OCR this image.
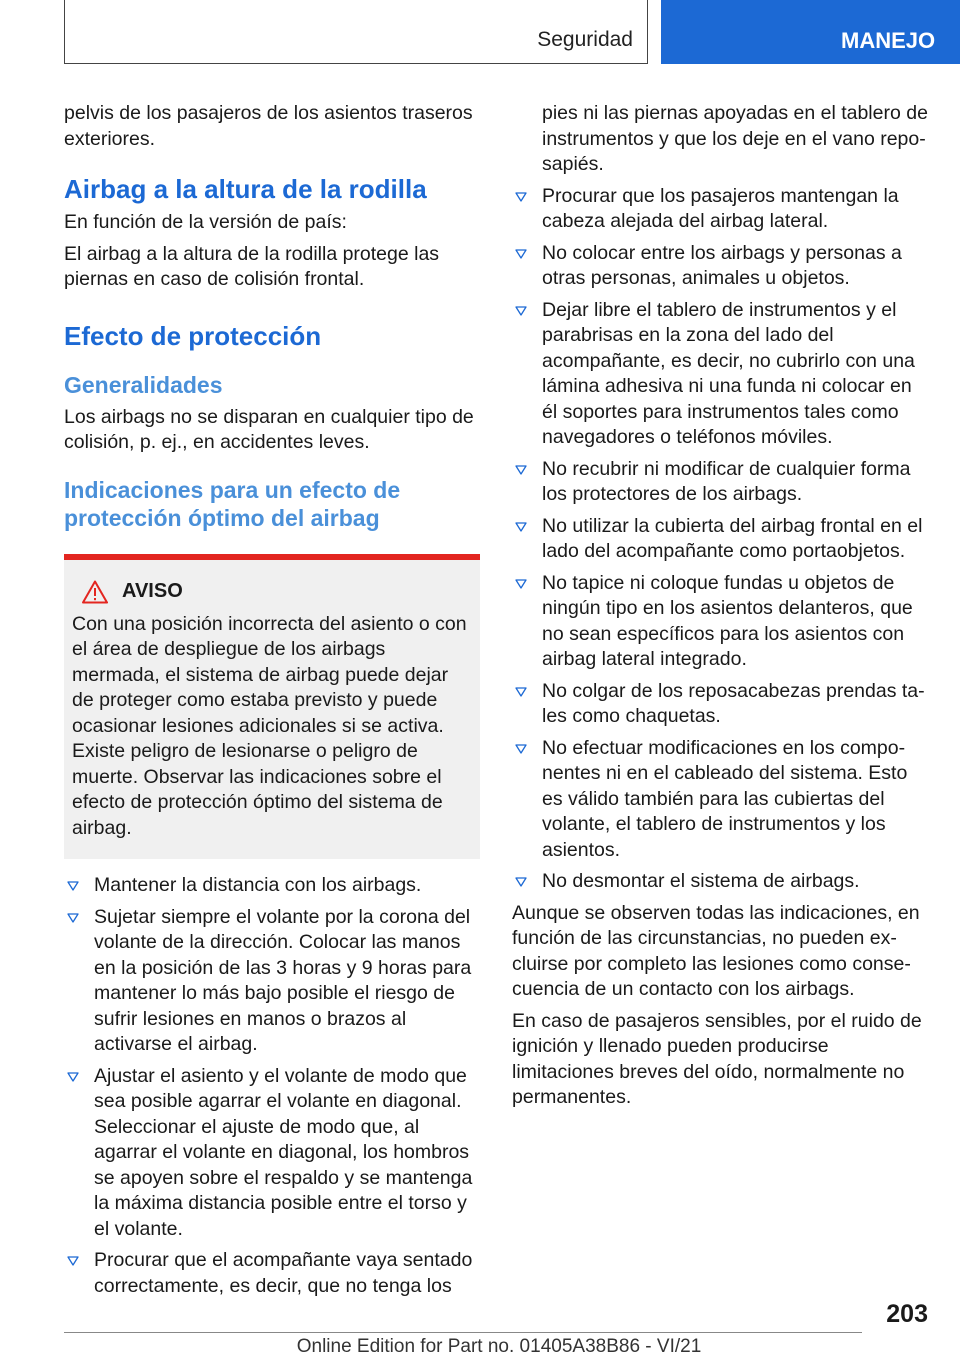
Seguridad	MANEJO

pelvis de los pasajeros de los asientos traseros exteriores.

Airbag a la altura de la rodilla

En función de la versión de país:

El airbag a la altura de la rodilla protege las piernas en caso de colisión frontal.

Efecto de protección
Generalidades

Los airbags no se disparan en cualquier tipo de colisión, p. ej., en accidentes leves.

Indicaciones para un efecto de protección óptimo del airbag
AVISO

Con una posición incorrecta del asiento o con el área de despliegue de los airbags mermada, el sistema de airbag puede dejar de proteger como estaba previsto y puede ocasionar lesiones adicionales si se activa. Existe peligro de lesionarse o peligro de muerte. Observar las indicaciones sobre el efecto de protección óptimo del sistema de airbag.

Mantener la distancia con los airbags.
Sujetar siempre el volante por la corona del volante de la dirección. Colocar las manos en la posición de las 3 horas y 9 horas para mantener lo más bajo posible el riesgo de sufrir lesiones en manos o brazos al activarse el airbag.
Ajustar el asiento y el volante de modo que sea posible agarrar el volante en diagonal. Seleccionar el ajuste de modo que, al agarrar el volante en diagonal, los hombros se apoyen sobre el respaldo y se mantenga la máxima distancia posible entre el torso y el volante.
Procurar que el acompañante vaya sentado correctamente, es decir, que no tenga los

pies ni las piernas apoyadas en el tablero de instrumentos y que los deje en el vano reposapiés.

Procurar que los pasajeros mantengan la cabeza alejada del airbag lateral.
No colocar entre los airbags y personas a otras personas, animales u objetos.
Dejar libre el tablero de instrumentos y el parabrisas en la zona del lado del acompañante, es decir, no cubrirlo con una lámina adhesiva ni una funda ni colocar en él soportes para instrumentos tales como navegadores o teléfonos móviles.
No recubrir ni modificar de cualquier forma los protectores de los airbags.
No utilizar la cubierta del airbag frontal en el lado del acompañante como portaobjetos.
No tapice ni coloque fundas u objetos de ningún tipo en los asientos delanteros, que no sean específicos para los asientos con airbag lateral integrado.
No colgar de los reposacabezas prendas tales como chaquetas.
No efectuar modificaciones en los componentes ni en el cableado del sistema. Esto es válido también para las cubiertas del volante, el tablero de instrumentos y los asientos.
No desmontar el sistema de airbags.

Aunque se observen todas las indicaciones, en función de las circunstancias, no pueden excluirse por completo las lesiones como consecuencia de un contacto con los airbags.

En caso de pasajeros sensibles, por el ruido de ignición y llenado pueden producirse limitaciones breves del oído, normalmente no permanentes.

203
Online Edition for Part no. 01405A38B86 - VI/21
